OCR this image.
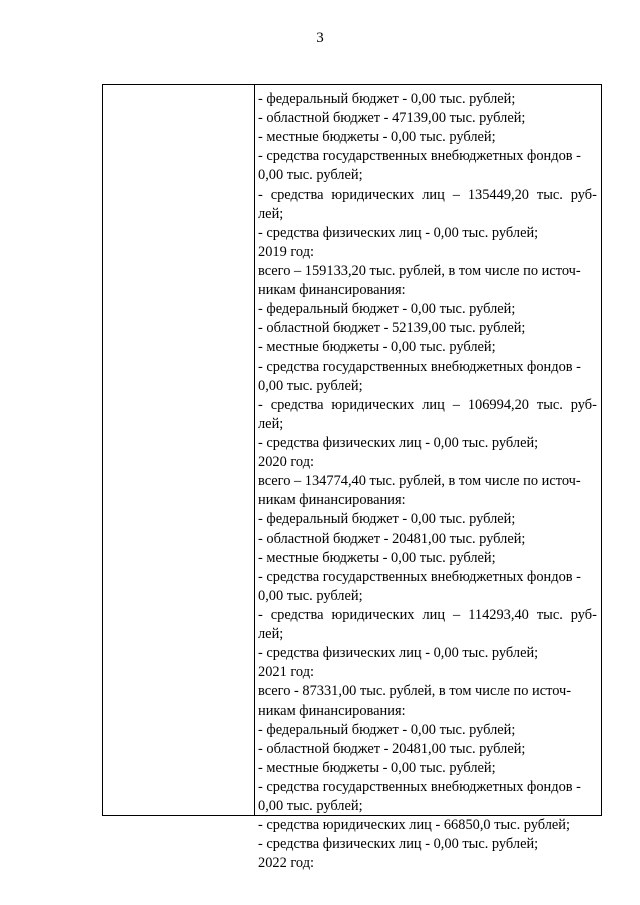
3
- федеральный бюджет - 0,00 тыс. рублей;
- областной бюджет - 47139,00 тыс. рублей;
- местные бюджеты - 0,00 тыс. рублей;
- средства государственных внебюджетных фондов -
0,00 тыс. рублей;
- средства юридических лиц – 135449,20 тыс. руб-
лей;
- средства физических лиц - 0,00 тыс. рублей;
2019 год:
всего – 159133,20 тыс. рублей, в том числе по источ-
никам финансирования:
- федеральный бюджет - 0,00 тыс. рублей;
- областной бюджет - 52139,00 тыс. рублей;
- местные бюджеты - 0,00 тыс. рублей;
- средства государственных внебюджетных фондов -
0,00 тыс. рублей;
- средства юридических лиц – 106994,20 тыс. руб-
лей;
- средства физических лиц - 0,00 тыс. рублей;
2020 год:
всего – 134774,40 тыс. рублей, в том числе по источ-
никам финансирования:
- федеральный бюджет - 0,00 тыс. рублей;
- областной бюджет - 20481,00 тыс. рублей;
- местные бюджеты - 0,00 тыс. рублей;
- средства государственных внебюджетных фондов -
0,00 тыс. рублей;
- средства юридических лиц – 114293,40 тыс. руб-
лей;
- средства физических лиц - 0,00 тыс. рублей;
2021 год:
всего - 87331,00 тыс. рублей, в том числе по источ-
никам финансирования:
- федеральный бюджет - 0,00 тыс. рублей;
- областной бюджет - 20481,00 тыс. рублей;
- местные бюджеты - 0,00 тыс. рублей;
- средства государственных внебюджетных фондов -
0,00 тыс. рублей;
- средства юридических лиц - 66850,0 тыс. рублей;
- средства физических лиц - 0,00 тыс. рублей;
2022 год:
